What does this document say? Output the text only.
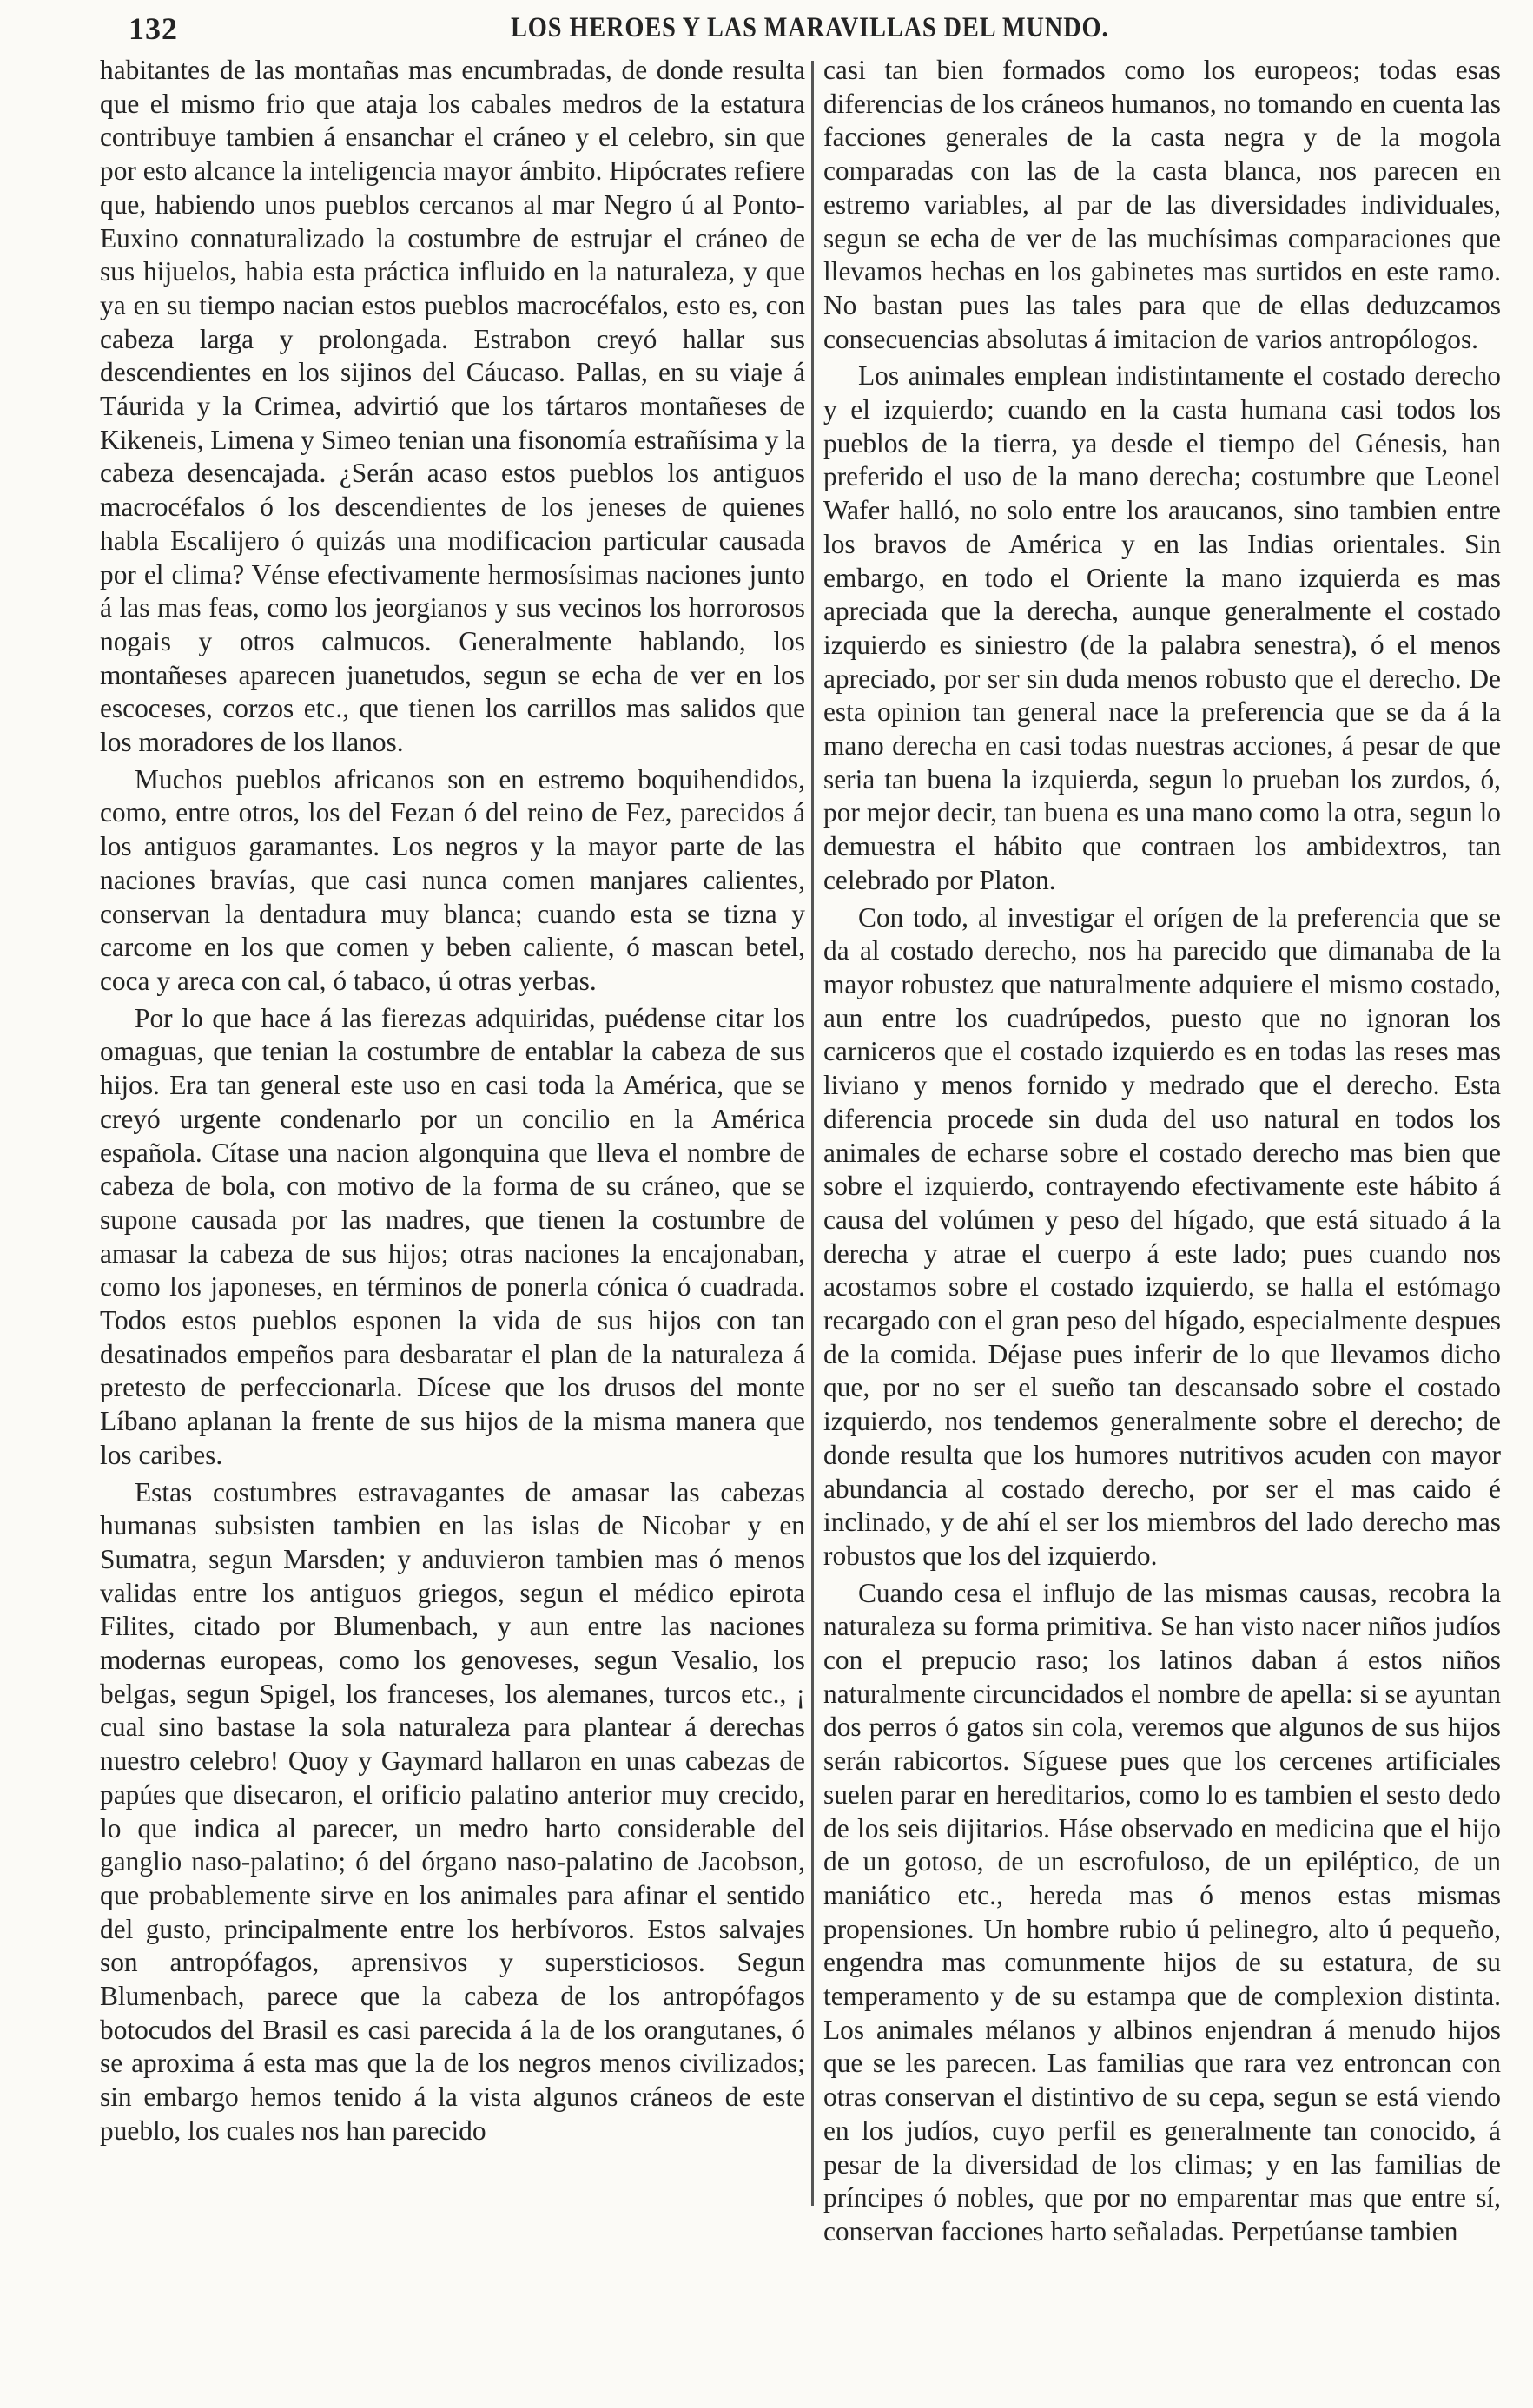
132	LOS HEROES Y LAS MARAVILLAS DEL MUNDO.

habitantes de las montañas mas encumbradas, de donde resulta que el mismo frio que ataja los cabales medros de la estatura contribuye tambien á ensanchar el cráneo y el celebro, sin que por esto alcance la inteligencia mayor ámbito. Hipócrates refiere que, habiendo unos pueblos cercanos al mar Negro ú al Ponto-Euxino connaturalizado la costumbre de estrujar el cráneo de sus hijuelos, habia esta práctica influido en la naturaleza, y que ya en su tiempo nacian estos pueblos macrocéfalos, esto es, con cabeza larga y prolongada. Estrabon creyó hallar sus descendientes en los sijinos del Cáucaso. Pallas, en su viaje á Táurida y la Crimea, advirtió que los tártaros montañeses de Kikeneis, Limena y Simeo tenian una fisonomía estrañísima y la cabeza desencajada. ¿Serán acaso estos pueblos los antiguos macrocéfalos ó los descendientes de los jeneses de quienes habla Escalijero ó quizás una modificacion particular causada por el clima? Vénse efectivamente hermosísimas naciones junto á las mas feas, como los jeorgianos y sus vecinos los horrorosos nogais y otros calmucos. Generalmente hablando, los montañeses aparecen juanetudos, segun se echa de ver en los escoceses, corzos etc., que tienen los carrillos mas salidos que los moradores de los llanos.

Muchos pueblos africanos son en estremo boquihendidos, como, entre otros, los del Fezan ó del reino de Fez, parecidos á los antiguos garamantes. Los negros y la mayor parte de las naciones bravías, que casi nunca comen manjares calientes, conservan la dentadura muy blanca; cuando esta se tizna y carcome en los que comen y beben caliente, ó mascan betel, coca y areca con cal, ó tabaco, ú otras yerbas.

Por lo que hace á las fierezas adquiridas, puédense citar los omaguas, que tenian la costumbre de entablar la cabeza de sus hijos. Era tan general este uso en casi toda la América, que se creyó urgente condenarlo por un concilio en la América española. Cítase una nacion algonquina que lleva el nombre de cabeza de bola, con motivo de la forma de su cráneo, que se supone causada por las madres, que tienen la costumbre de amasar la cabeza de sus hijos; otras naciones la encajonaban, como los japoneses, en términos de ponerla cónica ó cuadrada. Todos estos pueblos esponen la vida de sus hijos con tan desatinados empeños para desbaratar el plan de la naturaleza á pretesto de perfeccionarla. Dícese que los drusos del monte Líbano aplanan la frente de sus hijos de la misma manera que los caribes.

Estas costumbres estravagantes de amasar las cabezas humanas subsisten tambien en las islas de Nicobar y en Sumatra, segun Marsden; y anduvieron tambien mas ó menos validas entre los antiguos griegos, segun el médico epirota Filites, citado por Blumenbach, y aun entre las naciones modernas europeas, como los genoveses, segun Vesalio, los belgas, segun Spigel, los franceses, los alemanes, turcos etc., ¡ cual sino bastase la sola naturaleza para plantear á derechas nuestro celebro! Quoy y Gaymard hallaron en unas cabezas de papúes que disecaron, el orificio palatino anterior muy crecido, lo que indica al parecer, un medro harto considerable del ganglio naso-palatino; ó del órgano naso-palatino de Jacobson, que probablemente sirve en los animales para afinar el sentido del gusto, principalmente entre los herbívoros. Estos salvajes son antropófagos, aprensivos y supersticiosos. Segun Blumenbach, parece que la cabeza de los antropófagos botocudos del Brasil es casi parecida á la de los orangutanes, ó se aproxima á esta mas que la de los negros menos civilizados; sin embargo hemos tenido á la vista algunos cráneos de este pueblo, los cuales nos han parecido

casi tan bien formados como los europeos; todas esas diferencias de los cráneos humanos, no tomando en cuenta las facciones generales de la casta negra y de la mogola comparadas con las de la casta blanca, nos parecen en estremo variables, al par de las diversidades individuales, segun se echa de ver de las muchísimas comparaciones que llevamos hechas en los gabinetes mas surtidos en este ramo. No bastan pues las tales para que de ellas deduzcamos consecuencias absolutas á imitacion de varios antropólogos.

Los animales emplean indistintamente el costado derecho y el izquierdo; cuando en la casta humana casi todos los pueblos de la tierra, ya desde el tiempo del Génesis, han preferido el uso de la mano derecha; costumbre que Leonel Wafer halló, no solo entre los araucanos, sino tambien entre los bravos de América y en las Indias orientales. Sin embargo, en todo el Oriente la mano izquierda es mas apreciada que la derecha, aunque generalmente el costado izquierdo es siniestro (de la palabra senestra), ó el menos apreciado, por ser sin duda menos robusto que el derecho. De esta opinion tan general nace la preferencia que se da á la mano derecha en casi todas nuestras acciones, á pesar de que seria tan buena la izquierda, segun lo prueban los zurdos, ó, por mejor decir, tan buena es una mano como la otra, segun lo demuestra el hábito que contraen los ambidextros, tan celebrado por Platon.

Con todo, al investigar el orígen de la preferencia que se da al costado derecho, nos ha parecido que dimanaba de la mayor robustez que naturalmente adquiere el mismo costado, aun entre los cuadrúpedos, puesto que no ignoran los carniceros que el costado izquierdo es en todas las reses mas liviano y menos fornido y medrado que el derecho. Esta diferencia procede sin duda del uso natural en todos los animales de echarse sobre el costado derecho mas bien que sobre el izquierdo, contrayendo efectivamente este hábito á causa del volúmen y peso del hígado, que está situado á la derecha y atrae el cuerpo á este lado; pues cuando nos acostamos sobre el costado izquierdo, se halla el estómago recargado con el gran peso del hígado, especialmente despues de la comida. Déjase pues inferir de lo que llevamos dicho que, por no ser el sueño tan descansado sobre el costado izquierdo, nos tendemos generalmente sobre el derecho; de donde resulta que los humores nutritivos acuden con mayor abundancia al costado derecho, por ser el mas caido é inclinado, y de ahí el ser los miembros del lado derecho mas robustos que los del izquierdo.

Cuando cesa el influjo de las mismas causas, recobra la naturaleza su forma primitiva. Se han visto nacer niños judíos con el prepucio raso; los latinos daban á estos niños naturalmente circuncidados el nombre de apella: si se ayuntan dos perros ó gatos sin cola, veremos que algunos de sus hijos serán rabicortos. Síguese pues que los cercenes artificiales suelen parar en hereditarios, como lo es tambien el sesto dedo de los seis dijitarios. Háse observado en medicina que el hijo de un gotoso, de un escrofuloso, de un epiléptico, de un maniático etc., hereda mas ó menos estas mismas propensiones. Un hombre rubio ú pelinegro, alto ú pequeño, engendra mas comunmente hijos de su estatura, de su temperamento y de su estampa que de complexion distinta. Los animales mélanos y albinos enjendran á menudo hijos que se les parecen. Las familias que rara vez entroncan con otras conservan el distintivo de su cepa, segun se está viendo en los judíos, cuyo perfil es generalmente tan conocido, á pesar de la diversidad de los climas; y en las familias de príncipes ó nobles, que por no emparentar mas que entre sí, conservan facciones harto señaladas. Perpetúanse tambien
